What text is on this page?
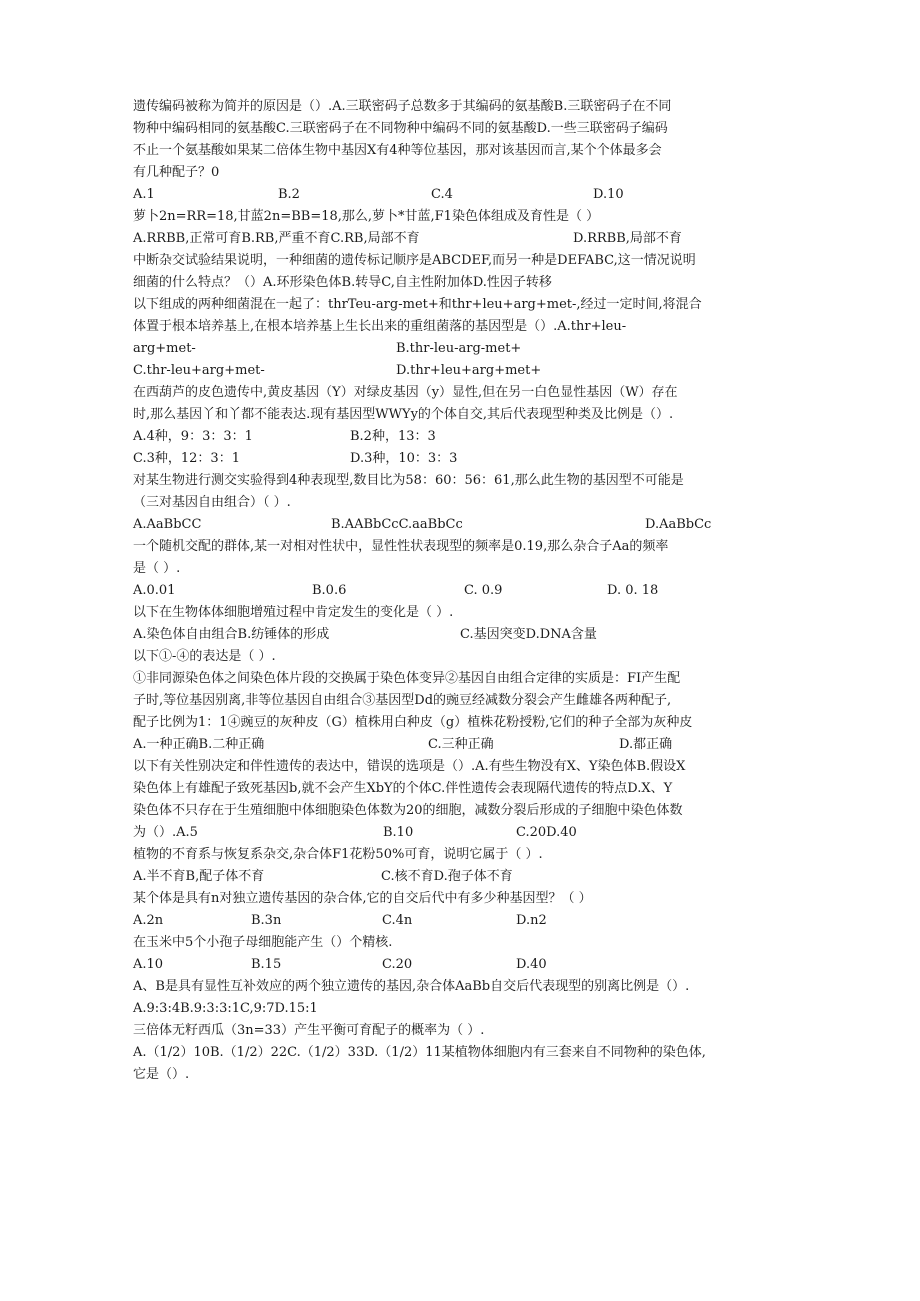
遗传编码被称为简并的原因是（）.A.三联密码子总数多于其编码的氨基酸B.三联密码子在不同
物种中编码相同的氨基酸C.三联密码子在不同物种中编码不同的氨基酸D.一些三联密码子编码
不止一个氨基酸如果某二倍体生物中基因X有4种等位基因，那对该基因而言,某个个体最多会
有几种配子？0
A.1	B.2	C.4	D.10
萝卜2n=RR=18,甘蓝2n=BB=18,那么,萝卜*甘蓝,F1染色体组成及育性是（ ）
A.RRBB,正常可育B.RB,严重不育C.RB,局部不育	D.RRBB,局部不育
中断杂交试验结果说明，一种细菌的遗传标记顺序是ABCDEF,而另一种是DEFABC,这一情况说明
细菌的什么特点？（）A.环形染色体B.转导C,自主性附加体D.性因子转移
以下组成的两种细菌混在一起了：thrTeu-arg-met+和thr+leu+arg+met-,经过一定时间,将混合
体置于根本培养基上,在根本培养基上生长出来的重组菌落的基因型是（）.A.thr+leu-
arg+met-	B.thr-leu-arg-met+
C.thr-leu+arg+met-	D.thr+leu+arg+met+
在西葫芦的皮色遗传中,黄皮基因（Y）对绿皮基因（y）显性,但在另一白色显性基因（W）存在
时,那么基因丫和丫都不能表达.现有基因型WWYy的个体自交,其后代表现型种类及比例是（）.
A.4种，9：3：3：1	B.2种，13：3
C.3种，12：3：1	D.3种，10：3：3
对某生物进行测交实验得到4种表现型,数目比为58：60：56：61,那么此生物的基因型不可能是
（三对基因自由组合）（ ）.
A.AaBbCC	B.AABbCcC.aaBbCc	D.AaBbCc
一个随机交配的群体,某一对相对性状中，显性性状表现型的频率是0.19,那么杂合子Aa的频率
是（ ）.
A.0.01	B.0.6	C. 0.9	D. 0. 18
以下在生物体体细胞增殖过程中肯定发生的变化是（ ）.
A.染色体自由组合B.纺锤体的形成	C.基因突变D.DNA含量
以下①-④的表达是（ ）.
①非同源染色体之间染色体片段的交换属于染色体变异②基因自由组合定律的实质是：FI产生配
子时,等位基因别离,非等位基因自由组合③基因型Dd的豌豆经减数分裂会产生雌雄各两种配子,
配子比例为1：1④豌豆的灰种皮（G）植株用白种皮（g）植株花粉授粉,它们的种子全部为灰种皮
A.一种正确B.二种正确	C.三种正确	D.都正确
以下有关性别决定和伴性遗传的表达中，错误的选项是（）.A.有些生物没有X、Y染色体B.假设X
染色体上有雄配子致死基因b,就不会产生XbY的个体C.伴性遗传会表现隔代遗传的特点D.X、Y
染色体不只存在于生殖细胞中体细胞染色体数为20的细胞，减数分裂后形成的子细胞中染色体数
为（）.A.5	B.10	C.20D.40
植物的不育系与恢复系杂交,杂合体F1花粉50%可育，说明它属于（ ）.
A.半不育B,配子体不育	C.核不育D.孢子体不育
某个体是具有n对独立遗传基因的杂合体,它的自交后代中有多少种基因型？（ ）
A.2n	B.3n	C.4n	D.n2
在玉米中5个小孢子母细胞能产生（）个精核.
A.10	B.15	C.20	D.40
A、B是具有显性互补效应的两个独立遗传的基因,杂合体AaBb自交后代表现型的别离比例是（）.
A.9:3:4B.9:3:3:1C,9:7D.15:1
三倍体无籽西瓜（3n=33）产生平衡可育配子的概率为（ ）.
A.（1/2）10B.（1/2）22C.（1/2）33D.（1/2）11某植物体细胞内有三套来自不同物种的染色体,
它是（）.
